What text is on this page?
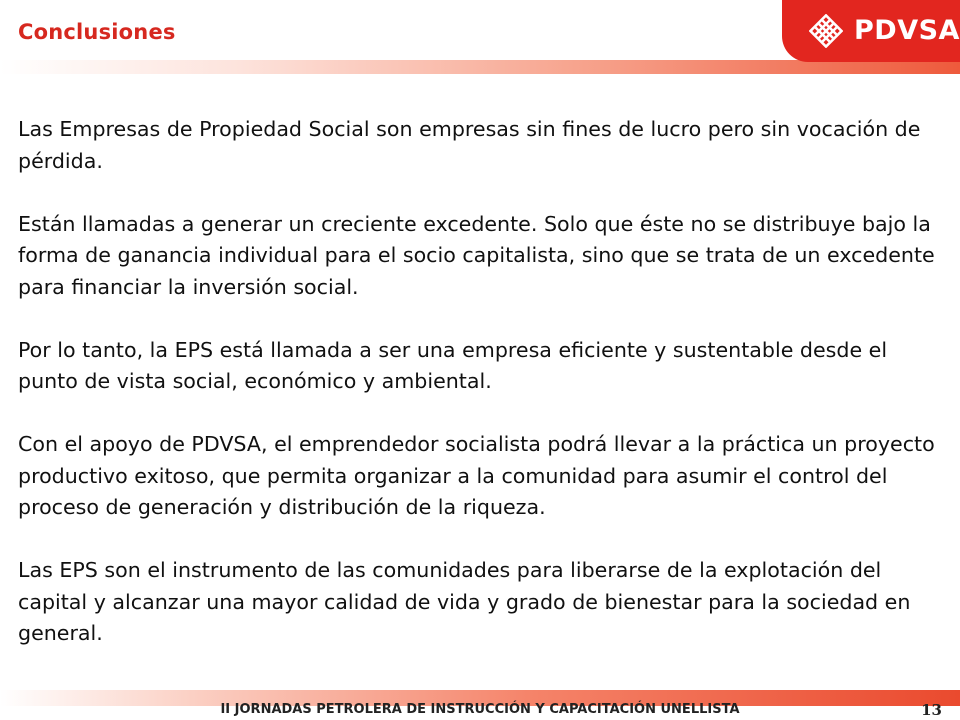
Conclusiones	PDVSA

Las Empresas de Propiedad Social son empresas sin fines de lucro pero sin vocación de pérdida.

Están llamadas a generar un creciente excedente. Solo que éste no se distribuye bajo la forma de ganancia individual para el socio capitalista, sino que se trata de un excedente para financiar la inversión social.

Por lo tanto, la EPS está llamada a ser una empresa eficiente y sustentable desde el punto de vista social, económico y ambiental.

Con el apoyo de PDVSA, el emprendedor socialista podrá llevar a la práctica un proyecto productivo exitoso, que permita organizar a la comunidad para asumir el control del proceso de generación y distribución de la riqueza.

Las EPS son el instrumento de las comunidades para liberarse de la explotación del capital y alcanzar una mayor calidad de vida y grado de bienestar para la sociedad en general.

II JORNADAS PETROLERA DE INSTRUCCIÓN Y CAPACITACIÓN UNELLISTA	13
